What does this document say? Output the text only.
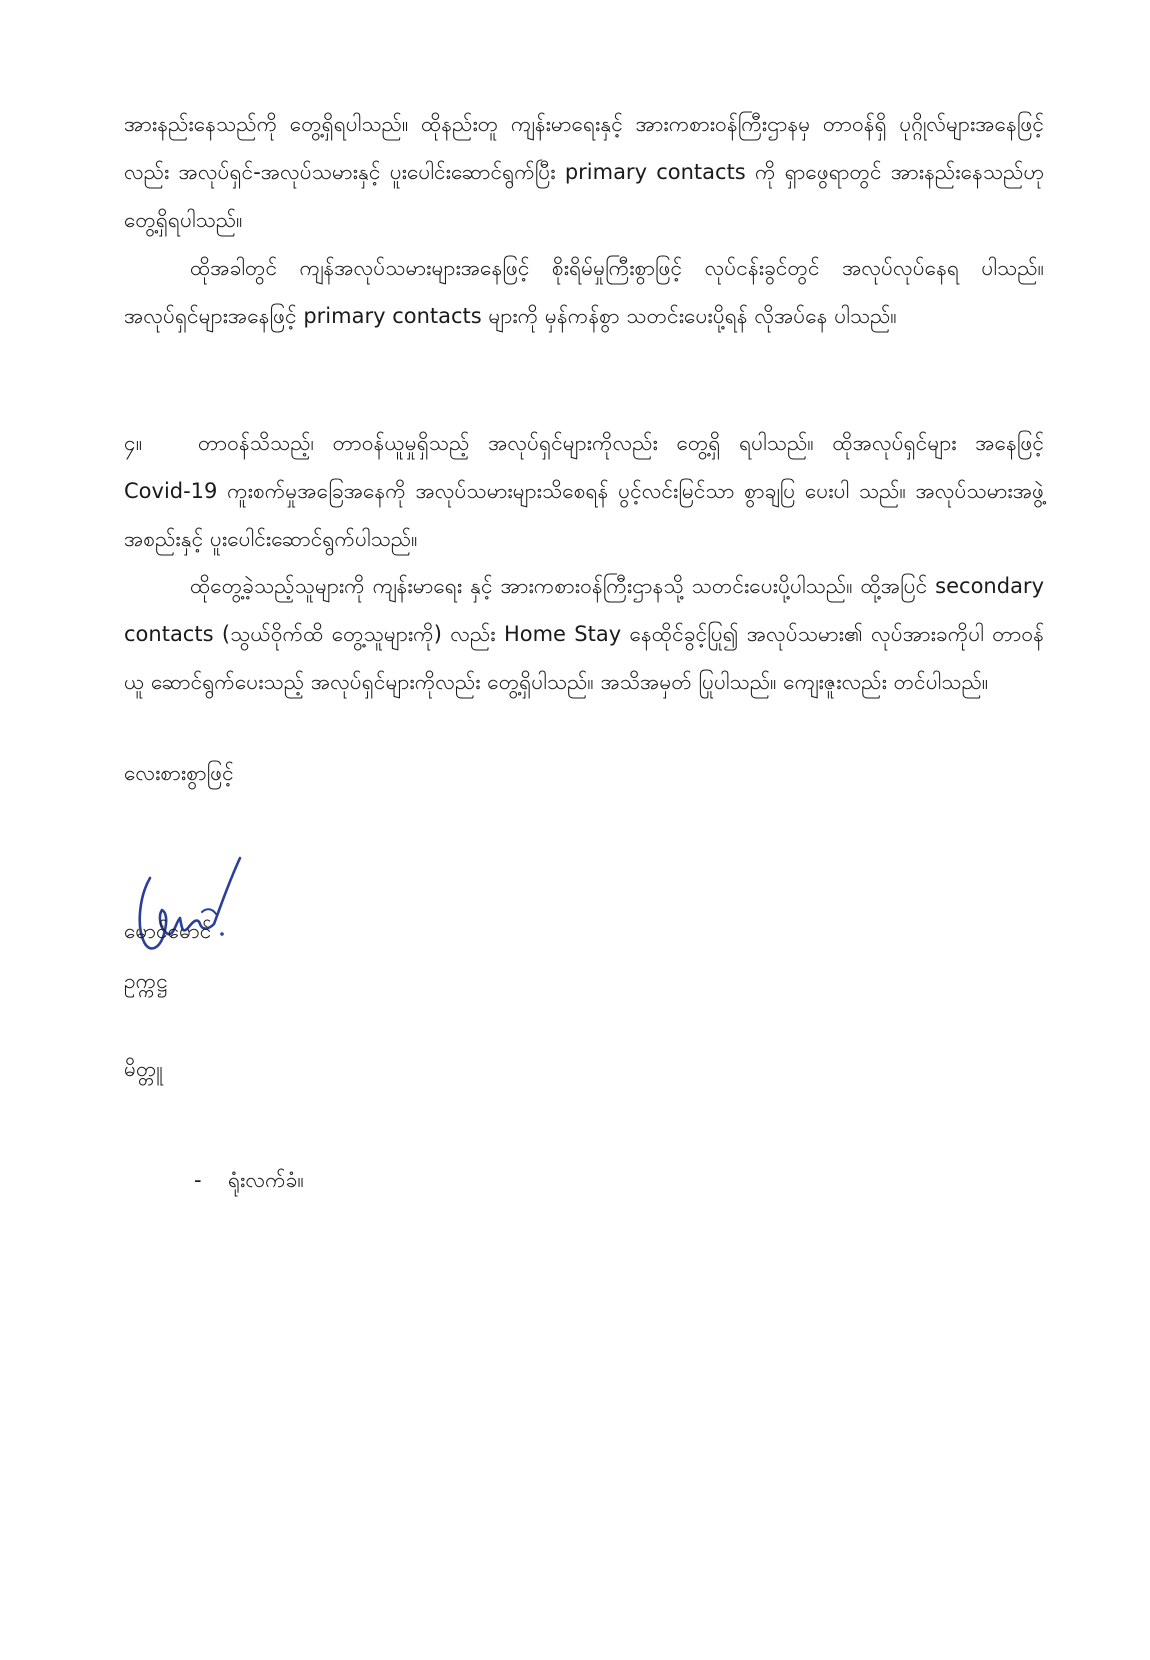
အားနည်းနေသည်ကို တွေ့ရှိရပါသည်။ ထိုနည်းတူ ကျန်းမာရေးနှင့် အားကစားဝန်ကြီးဌာနမှ တာဝန်ရှိ ပုဂ္ဂိုလ်များအနေဖြင့်လည်း အလုပ်ရှင်-အလုပ်သမားနှင့် ပူးပေါင်းဆောင်ရွက်ပြီး primary contacts ကို ရှာဖွေရာတွင် အားနည်းနေသည်ဟု တွေ့ရှိရပါသည်။
ထိုအခါတွင် ကျန်အလုပ်သမားများအနေဖြင့် စိုးရိမ်မှုကြီးစွာဖြင့် လုပ်ငန်းခွင်တွင် အလုပ်လုပ်နေရ ပါသည်။ အလုပ်ရှင်များအနေဖြင့် primary contacts များကို မှန်ကန်စွာ သတင်းပေးပို့ရန် လိုအပ်နေ ပါသည်။
၄။	တာဝန်သိသည့်၊ တာဝန်ယူမှုရှိသည့် အလုပ်ရှင်များကိုလည်း တွေ့ရှိ ရပါသည်။ ထိုအလုပ်ရှင်များ အနေဖြင့် Covid-19 ကူးစက်မှုအခြေအနေကို အလုပ်သမားများသိစေရန် ပွင့်လင်းမြင်သာ စွာချပြ ပေးပါ သည်။ အလုပ်သမားအဖွဲ့အစည်းနှင့် ပူးပေါင်းဆောင်ရွက်ပါသည်။
ထိုတွေ့ခဲ့သည့်သူများကို ကျန်းမာရေး နှင့် အားကစားဝန်ကြီးဌာနသို့ သတင်းပေးပို့ပါသည်။ ထို့အပြင် secondary contacts (သွယ်ဝိုက်ထိ တွေ့သူများကို) လည်း Home Stay နေထိုင်ခွင့်ပြု၍ အလုပ်သမား၏ လုပ်အားခကိုပါ တာဝန်ယူ ဆောင်ရွက်ပေးသည့် အလုပ်ရှင်များကိုလည်း တွေ့ရှိပါသည်။ အသိအမှတ် ပြုပါသည်။ ကျေးဇူးလည်း တင်ပါသည်။

လေးစားစွာဖြင့်

မောင်မောင်

ဥက္ကဋ္ဌ

မိတ္တူ

- ရုံးလက်ခံ။
